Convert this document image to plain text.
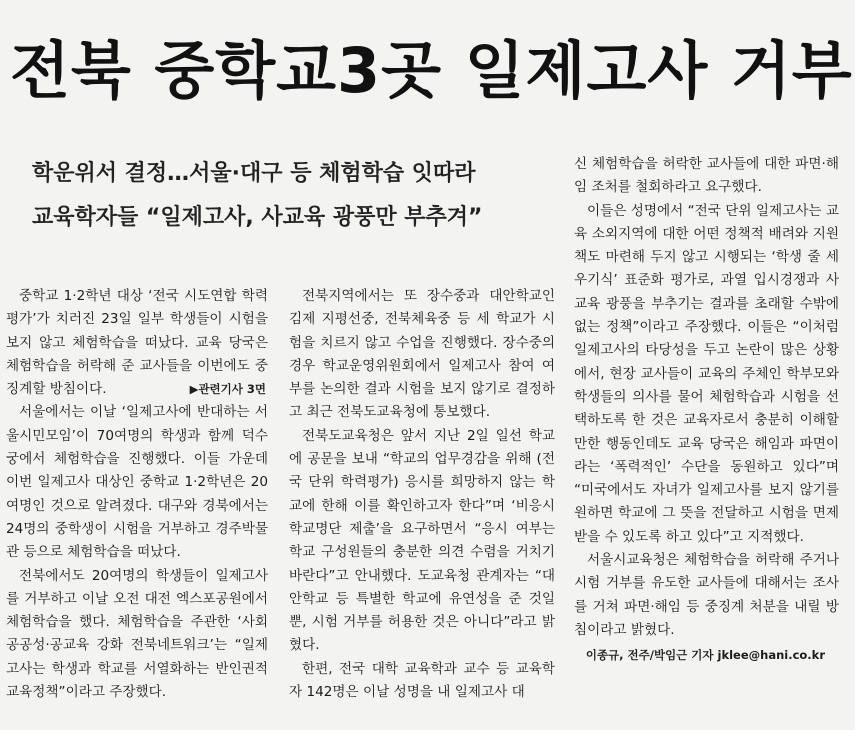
전북 중학교3곳 일제고사 거부
학운위서 결정…서울·대구 등 체험학습 잇따라
교육학자들 “일제고사, 사교육 광풍만 부추겨”

중학교 1·2학년 대상 ‘전국 시도연합 학력평가’가 치러진 23일 일부 학생들이 시험을 보지 않고 체험학습을 떠났다. 교육 당국은 체험학습을 허락해 준 교사들을 이번에도 중징계할 방침이다.	▶관련기사 3면

서울에서는 이날 ‘일제고사에 반대하는 서울시민모임’이 70여명의 학생과 함께 덕수궁에서 체험학습을 진행했다. 이들 가운데 이번 일제고사 대상인 중학교 1·2학년은 20여명인 것으로 알려졌다. 대구와 경북에서는 24명의 중학생이 시험을 거부하고 경주박물관 등으로 체험학습을 떠났다.

전북에서도 20여명의 학생들이 일제고사를 거부하고 이날 오전 대전 엑스포공원에서 체험학습을 했다. 체험학습을 주관한 ‘사회공공성·공교육 강화 전북네트워크’는 “일제고사는 학생과 학교를 서열화하는 반인권적 교육정책”이라고 주장했다.

전북지역에서는 또 장수중과 대안학교인 김제 지평선중, 전북체육중 등 세 학교가 시험을 치르지 않고 수업을 진행했다. 장수중의 경우 학교운영위원회에서 일제고사 참여 여부를 논의한 결과 시험을 보지 않기로 결정하고 최근 전북도교육청에 통보했다.

전북도교육청은 앞서 지난 2일 일선 학교에 공문을 보내 “학교의 업무경감을 위해 (전국 단위 학력평가) 응시를 희망하지 않는 학교에 한해 이를 확인하고자 한다”며 ‘비응시 학교명단 제출’을 요구하면서 “응시 여부는 학교 구성원들의 충분한 의견 수렴을 거치기 바란다”고 안내했다. 도교육청 관계자는 “대안학교 등 특별한 학교에 유연성을 준 것일 뿐, 시험 거부를 허용한 것은 아니다”라고 밝혔다.

한편, 전국 대학 교육학과 교수 등 교육학자 142명은 이날 성명을 내 일제고사 대

신 체험학습을 허락한 교사들에 대한 파면·해임 조처를 철회하라고 요구했다.

이들은 성명에서 “전국 단위 일제고사는 교육 소외지역에 대한 어떤 정책적 배려와 지원책도 마련해 두지 않고 시행되는 ‘학생 줄 세우기식’ 표준화 평가로, 과열 입시경쟁과 사교육 광풍을 부추기는 결과를 초래할 수밖에 없는 정책”이라고 주장했다. 이들은 “이처럼 일제고사의 타당성을 두고 논란이 많은 상황에서, 현장 교사들이 교육의 주체인 학부모와 학생들의 의사를 물어 체험학습과 시험을 선택하도록 한 것은 교육자로서 충분히 이해할 만한 행동인데도 교육 당국은 해임과 파면이라는 ‘폭력적인’ 수단을 동원하고 있다”며 “미국에서도 자녀가 일제고사를 보지 않기를 원하면 학교에 그 뜻을 전달하고 시험을 면제받을 수 있도록 하고 있다”고 지적했다.

서울시교육청은 체험학습을 허락해 주거나 시험 거부를 유도한 교사들에 대해서는 조사를 거쳐 파면·해임 등 중징계 처분을 내릴 방침이라고 밝혔다.

이종규, 전주/박임근 기자 jklee@hani.co.kr
